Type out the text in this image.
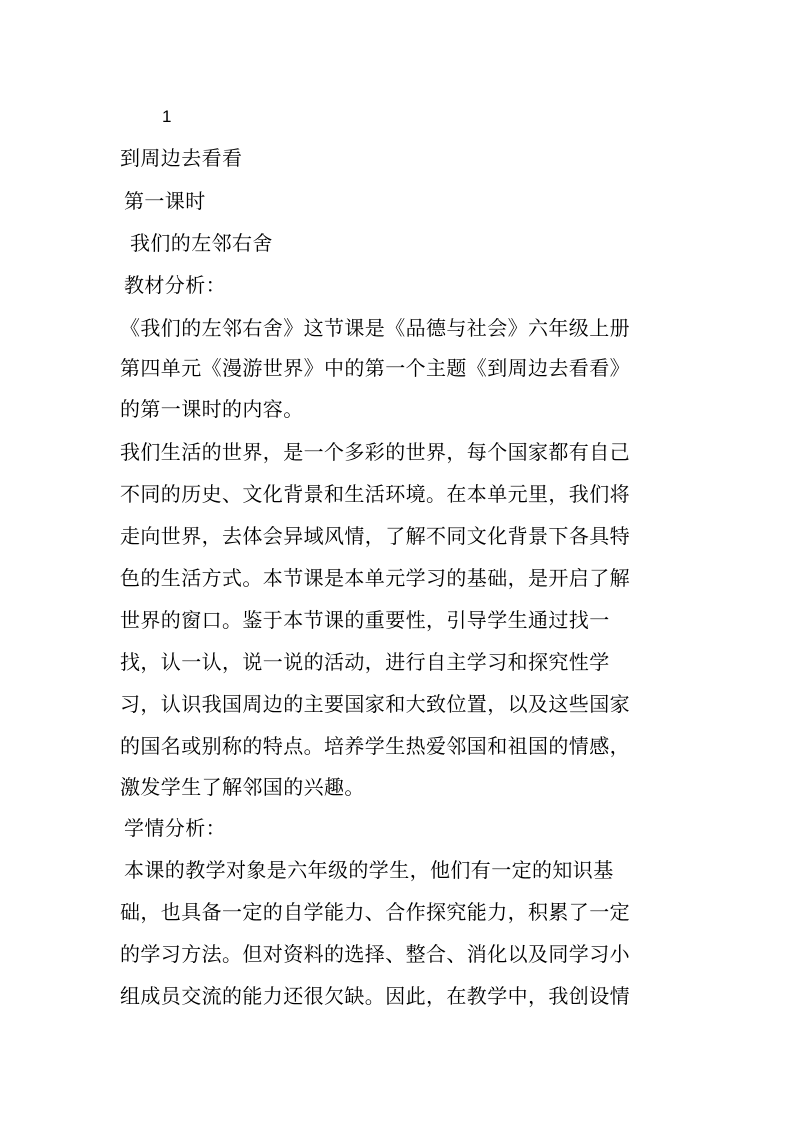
1
到周边去看看
第一课时
我们的左邻右舍
教材分析：
《我们的左邻右舍》这节课是《品德与社会》六年级上册
第四单元《漫游世界》中的第一个主题《到周边去看看》
的第一课时的内容。
我们生活的世界，是一个多彩的世界，每个国家都有自己
不同的历史、文化背景和生活环境。在本单元里，我们将
走向世界，去体会异域风情，了解不同文化背景下各具特
色的生活方式。本节课是本单元学习的基础，是开启了解
世界的窗口。鉴于本节课的重要性，引导学生通过找一
找，认一认，说一说的活动，进行自主学习和探究性学
习，认识我国周边的主要国家和大致位置，以及这些国家
的国名或别称的特点。培养学生热爱邻国和祖国的情感，
激发学生了解邻国的兴趣。
学情分析：
本课的教学对象是六年级的学生，他们有一定的知识基
础，也具备一定的自学能力、合作探究能力，积累了一定
的学习方法。但对资料的选择、整合、消化以及同学习小
组成员交流的能力还很欠缺。因此，在教学中，我创设情
